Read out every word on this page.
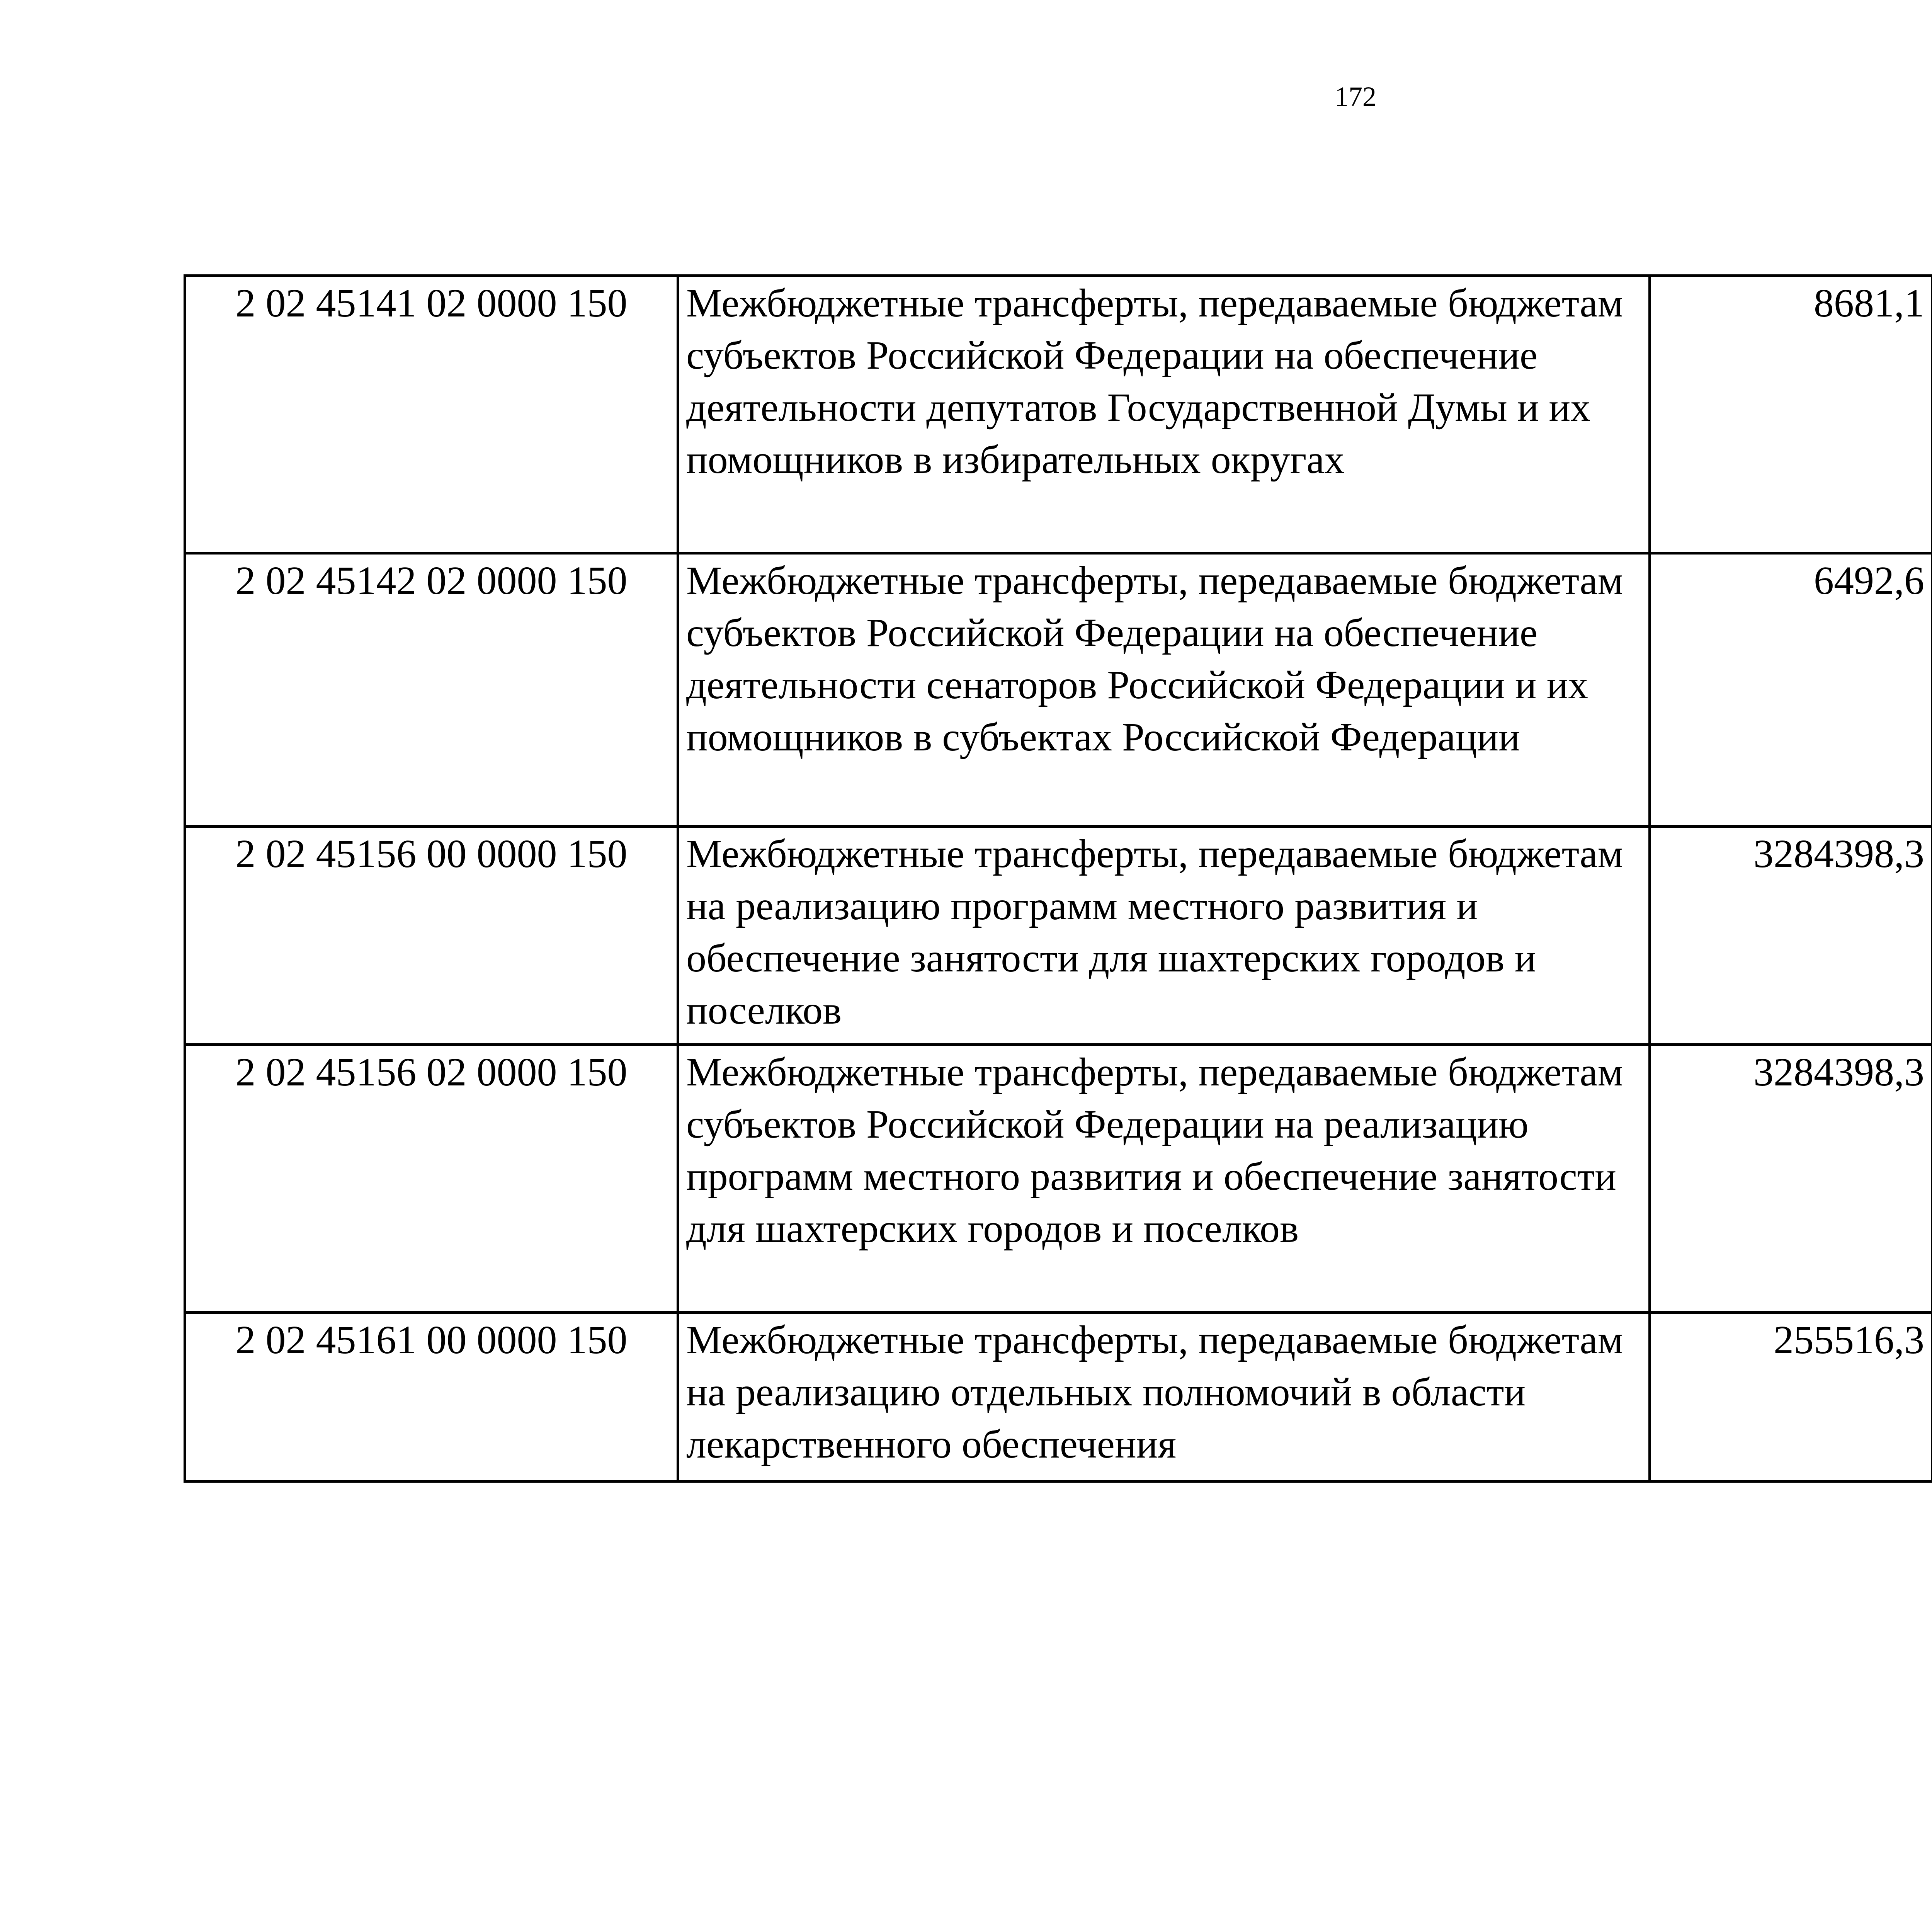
172
2 02 45141 02 0000 150	Межбюджетные трансферты, передаваемые бюджетам субъектов Российской Федерации на обеспечение деятельности депутатов Государственной Думы и их помощников в избирательных округах	8681,1		
2 02 45142 02 0000 150	Межбюджетные трансферты, передаваемые бюджетам субъектов Российской Федерации на обеспечение деятельности сенаторов Российской Федерации и их помощников в субъектах Российской Федерации	6492,6		
2 02 45156 00 0000 150	Межбюджетные трансферты, передаваемые бюджетам на реализацию программ местного развития и обеспечение занятости для шахтерских городов и поселков	3284398,3		
2 02 45156 02 0000 150	Межбюджетные трансферты, передаваемые бюджетам субъектов Российской Федерации на реализацию программ местного развития и обеспечение занятости для шахтерских городов и поселков	3284398,3		
2 02 45161 00 0000 150	Межбюджетные трансферты, передаваемые бюджетам на реализацию отдельных полномочий в области лекарственного обеспечения	255516,3		
